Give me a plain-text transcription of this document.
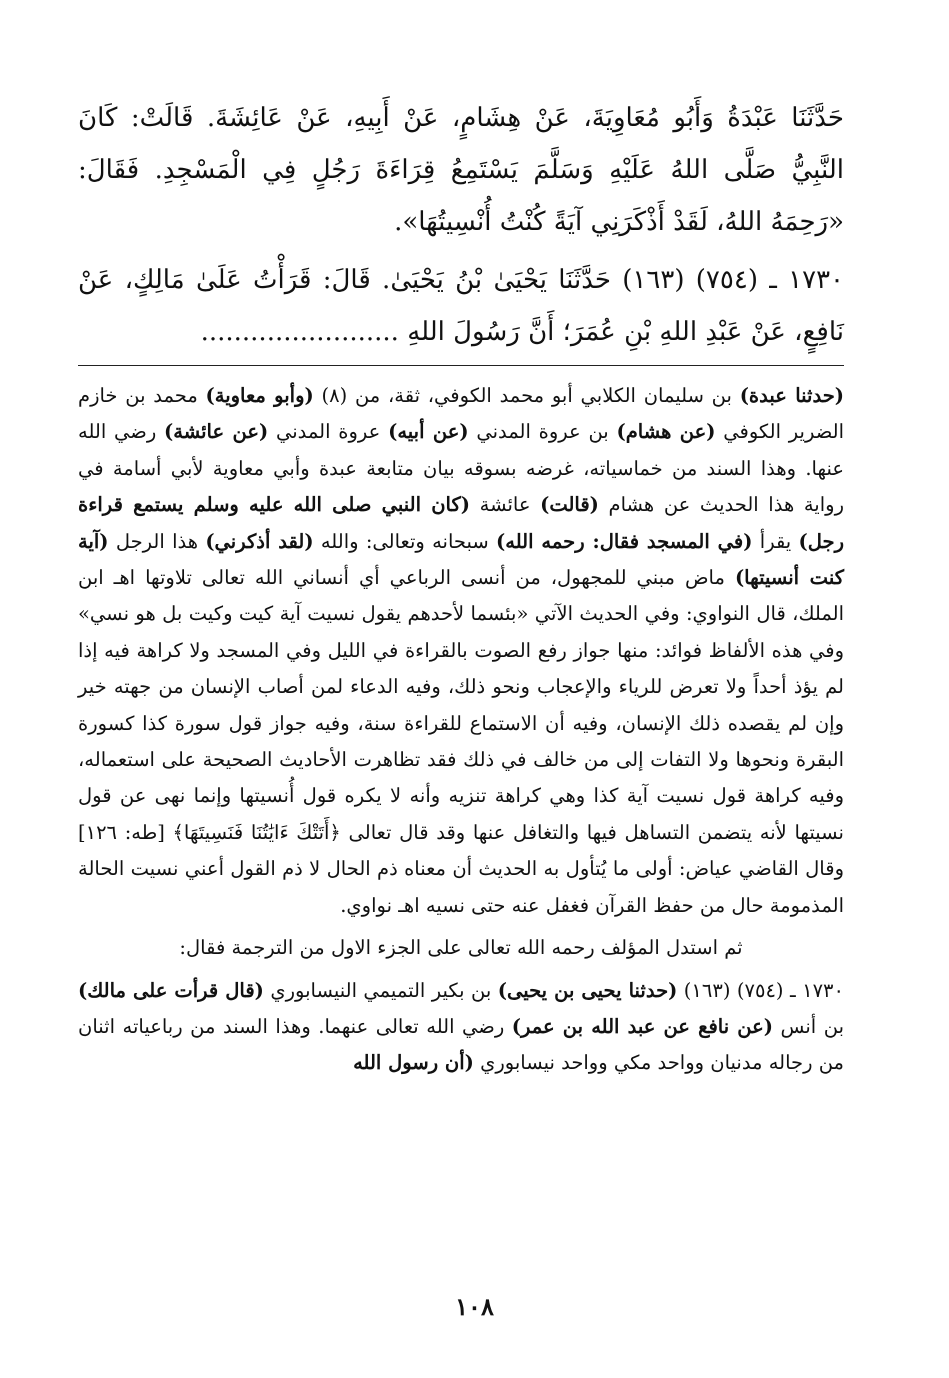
حَدَّثَنَا عَبْدَةُ وَأَبُو مُعَاوِيَةَ، عَنْ هِشَامٍ، عَنْ أَبِيهِ، عَنْ عَائِشَةَ. قَالَتْ: كَانَ النَّبِيُّ صَلَّى اللهُ عَلَيْهِ وَسَلَّمَ يَسْتَمِعُ قِرَاءَةَ رَجُلٍ فِي الْمَسْجِدِ. فَقَالَ: «رَحِمَهُ اللهُ، لَقَدْ أَذْكَرَنِي آيَةً كُنْتُ أُنْسِيتُهَا».

١٧٣٠ ـ (٧٥٤) (١٦٣) حَدَّثَنَا يَحْيَىٰ بْنُ يَحْيَىٰ. قَالَ: قَرَأْتُ عَلَىٰ مَالِكٍ، عَنْ نَافِعٍ، عَنْ عَبْدِ اللهِ بْنِ عُمَرَ؛ أَنَّ رَسُولَ اللهِ ........................

(حدثنا عبدة) بن سليمان الكلابي أبو محمد الكوفي، ثقة، من (٨) (وأبو معاوية) محمد بن خازم الضرير الكوفي (عن هشام) بن عروة المدني (عن أبيه) عروة المدني (عن عائشة) رضي الله عنها. وهذا السند من خماسياته، غرضه بسوقه بيان متابعة عبدة وأبي معاوية لأبي أسامة في رواية هذا الحديث عن هشام (قالت) عائشة (كان النبي صلى الله عليه وسلم يستمع قراءة رجل) يقرأ (في المسجد فقال: رحمه الله) سبحانه وتعالى: والله (لقد أذكرني) هذا الرجل (آية كنت أنسيتها) ماض مبني للمجهول، من أنسى الرباعي أي أنساني الله تعالى تلاوتها اهـ ابن الملك، قال النواوي: وفي الحديث الآتي «بئسما لأحدهم يقول نسيت آية كيت وكيت بل هو نسي» وفي هذه الألفاظ فوائد: منها جواز رفع الصوت بالقراءة في الليل وفي المسجد ولا كراهة فيه إذا لم يؤذ أحداً ولا تعرض للرياء والإعجاب ونحو ذلك، وفيه الدعاء لمن أصاب الإنسان من جهته خير وإن لم يقصده ذلك الإنسان، وفيه أن الاستماع للقراءة سنة، وفيه جواز قول سورة كذا كسورة البقرة ونحوها ولا التفات إلى من خالف في ذلك فقد تظاهرت الأحاديث الصحيحة على استعماله، وفيه كراهة قول نسيت آية كذا وهي كراهة تنزيه وأنه لا يكره قول أُنسيتها وإنما نهى عن قول نسيتها لأنه يتضمن التساهل فيها والتغافل عنها وقد قال تعالى ﴿أَتَتْكَ ءَايَٰتُنَا فَنَسِيتَهَا﴾ [طه: ١٢٦] وقال القاضي عياض: أولى ما يُتأول به الحديث أن معناه ذم الحال لا ذم القول أعني نسيت الحالة المذمومة حال من حفظ القرآن فغفل عنه حتى نسيه اهـ نواوي.

ثم استدل المؤلف رحمه الله تعالى على الجزء الاول من الترجمة فقال:

١٧٣٠ ـ (٧٥٤) (١٦٣) (حدثنا يحيى بن يحيى) بن بكير التميمي النيسابوري (قال قرأت على مالك) بن أنس (عن نافع عن عبد الله بن عمر) رضي الله تعالى عنهما. وهذا السند من رباعياته اثنان من رجاله مدنيان وواحد مكي وواحد نيسابوري (أن رسول الله

١٠٨
